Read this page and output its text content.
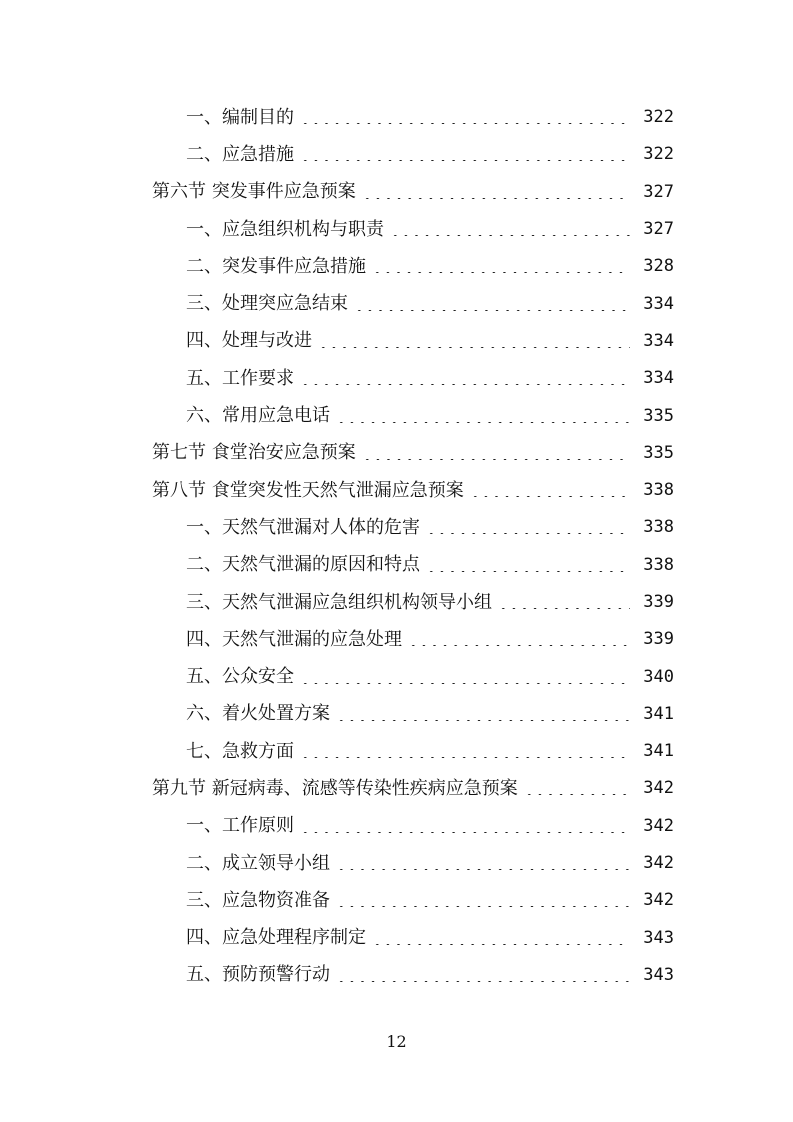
一、编制目的	322
二、应急措施	322
第六节 突发事件应急预案	327
一、应急组织机构与职责	327
二、突发事件应急措施	328
三、处理突应急结束	334
四、处理与改进	334
五、工作要求	334
六、常用应急电话	335
第七节 食堂治安应急预案	335
第八节 食堂突发性天然气泄漏应急预案	338
一、天然气泄漏对人体的危害	338
二、天然气泄漏的原因和特点	338
三、天然气泄漏应急组织机构领导小组	339
四、天然气泄漏的应急处理	339
五、公众安全	340
六、着火处置方案	341
七、急救方面	341
第九节 新冠病毒、流感等传染性疾病应急预案	342
一、工作原则	342
二、成立领导小组	342
三、应急物资准备	342
四、应急处理程序制定	343
五、预防预警行动	343
12
